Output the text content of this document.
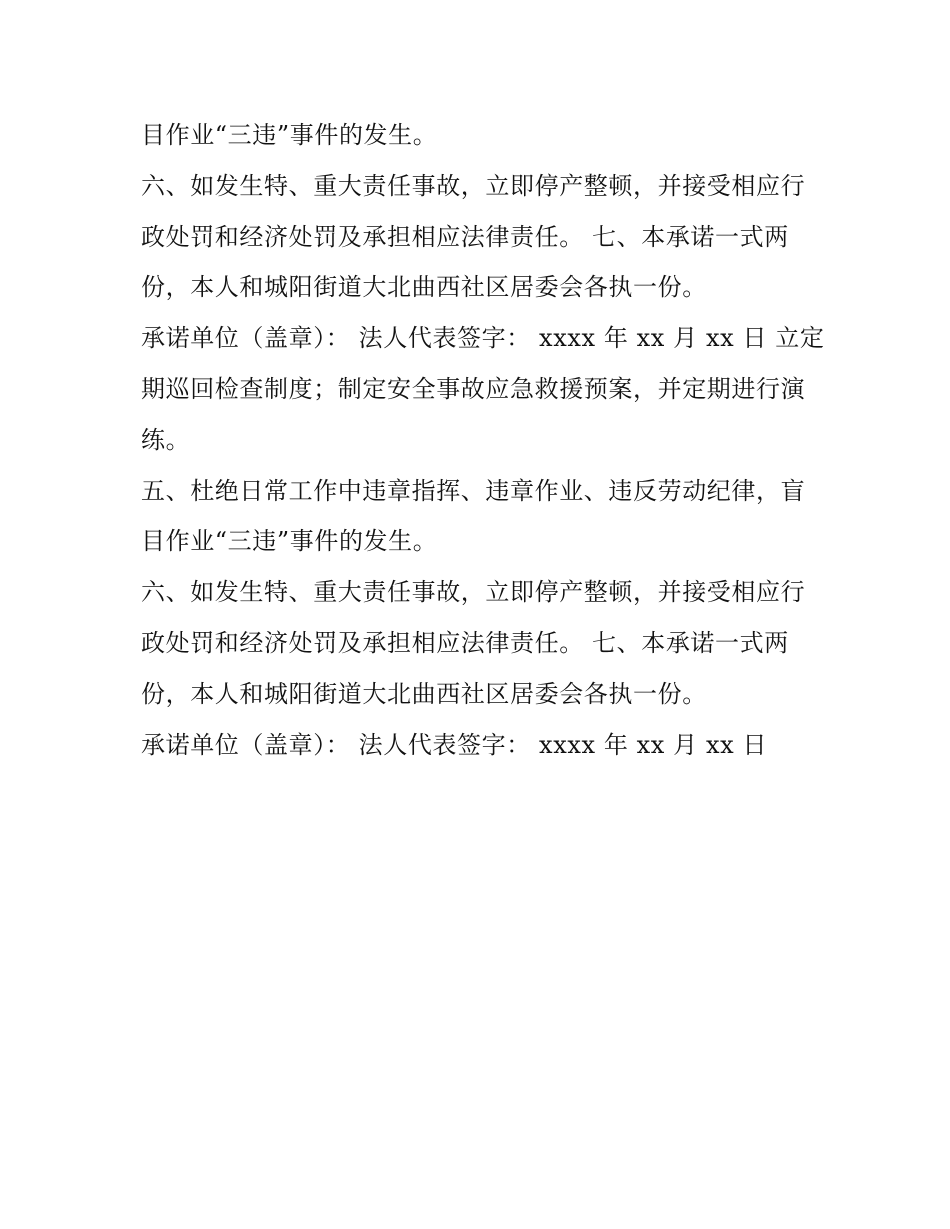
目作业“三违”事件的发生。
六、如发生特、重大责任事故，立即停产整顿，并接受相应行
政处罚和经济处罚及承担相应法律责任。 七、本承诺一式两
份，本人和城阳街道大北曲西社区居委会各执一份。
承诺单位（盖章）： 法人代表签字： xxxx 年 xx 月 xx 日 立定
期巡回检查制度；制定安全事故应急救援预案，并定期进行演
练。
五、杜绝日常工作中违章指挥、违章作业、违反劳动纪律，盲
目作业“三违”事件的发生。
六、如发生特、重大责任事故，立即停产整顿，并接受相应行
政处罚和经济处罚及承担相应法律责任。 七、本承诺一式两
份，本人和城阳街道大北曲西社区居委会各执一份。
承诺单位（盖章）： 法人代表签字： xxxx 年 xx 月 xx 日
